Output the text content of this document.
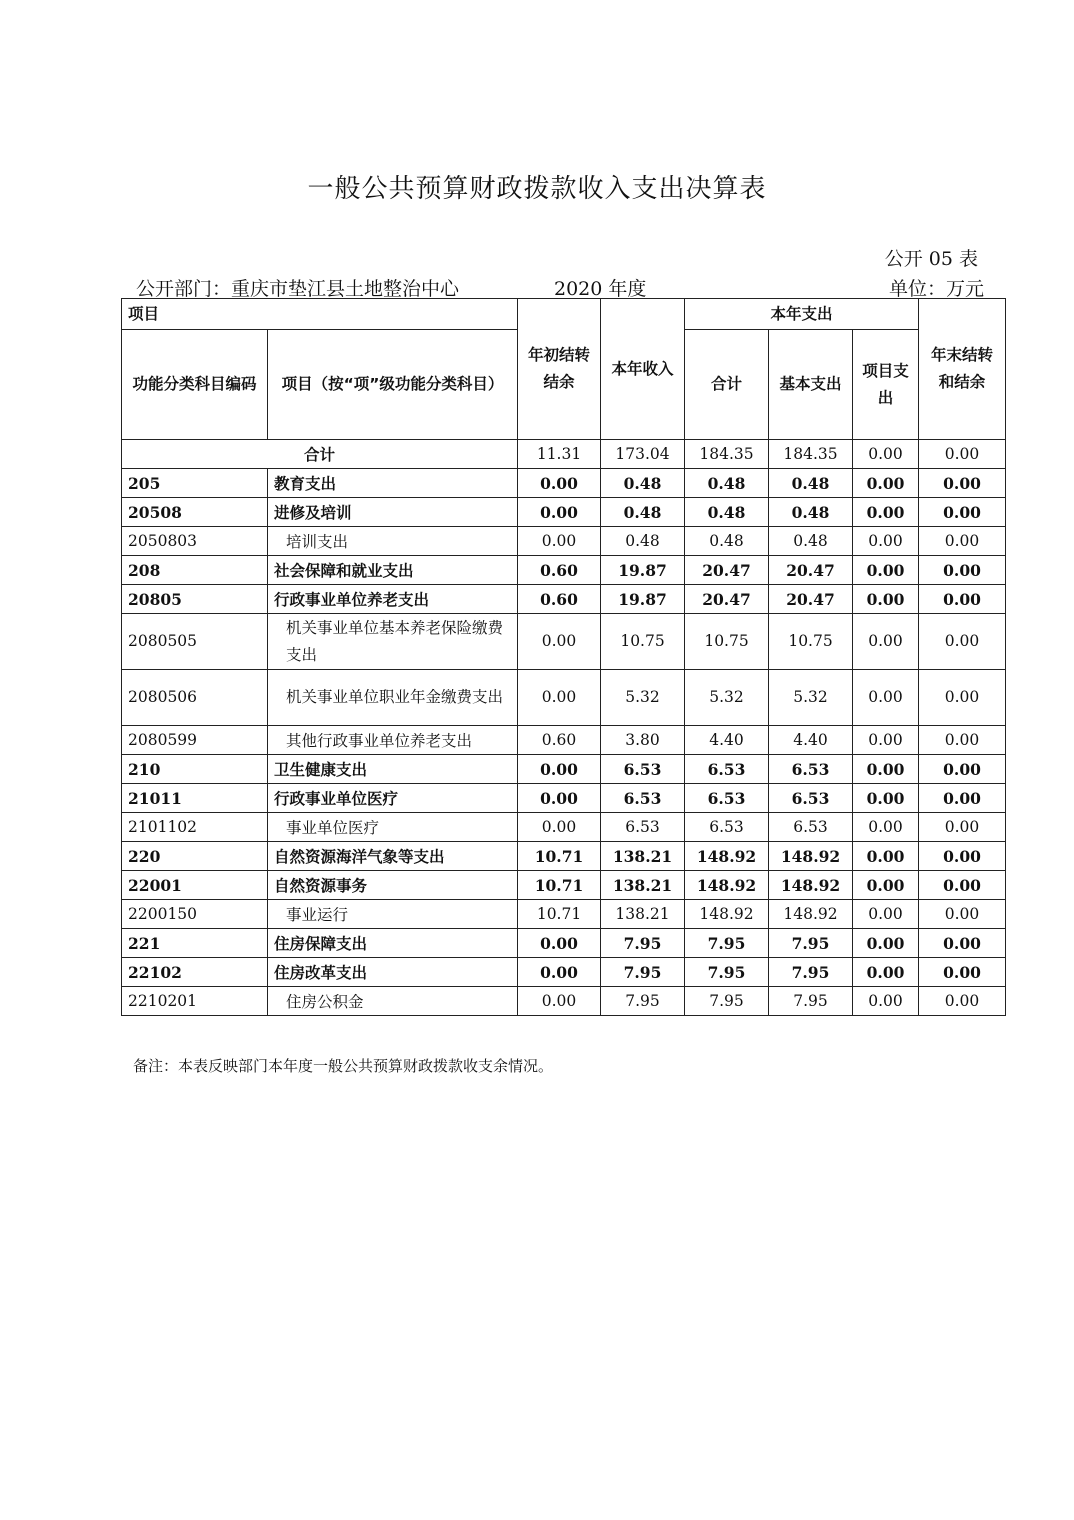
一般公共预算财政拨款收入支出决算表
公开 05 表
公开部门：重庆市垫江县土地整治中心	2020 年度	单位：万元
项目		年初结转结余	本年收入	本年支出			年末结转和结余
功能分类科目编码	项目（按“项”级功能分类科目）			合计	基本支出	项目支出	
合计		11.31	173.04	184.35	184.35	0.00	0.00
205	教育支出	0.00	0.48	0.48	0.48	0.00	0.00
20508	进修及培训	0.00	0.48	0.48	0.48	0.00	0.00
2050803	培训支出	0.00	0.48	0.48	0.48	0.00	0.00
208	社会保障和就业支出	0.60	19.87	20.47	20.47	0.00	0.00
20805	行政事业单位养老支出	0.60	19.87	20.47	20.47	0.00	0.00
2080505	机关事业单位基本养老保险缴费支出	0.00	10.75	10.75	10.75	0.00	0.00
2080506	机关事业单位职业年金缴费支出	0.00	5.32	5.32	5.32	0.00	0.00
2080599	其他行政事业单位养老支出	0.60	3.80	4.40	4.40	0.00	0.00
210	卫生健康支出	0.00	6.53	6.53	6.53	0.00	0.00
21011	行政事业单位医疗	0.00	6.53	6.53	6.53	0.00	0.00
2101102	事业单位医疗	0.00	6.53	6.53	6.53	0.00	0.00
220	自然资源海洋气象等支出	10.71	138.21	148.92	148.92	0.00	0.00
22001	自然资源事务	10.71	138.21	148.92	148.92	0.00	0.00
2200150	事业运行	10.71	138.21	148.92	148.92	0.00	0.00
221	住房保障支出	0.00	7.95	7.95	7.95	0.00	0.00
22102	住房改革支出	0.00	7.95	7.95	7.95	0.00	0.00
2210201	住房公积金	0.00	7.95	7.95	7.95	0.00	0.00
备注：本表反映部门本年度一般公共预算财政拨款收支余情况。
